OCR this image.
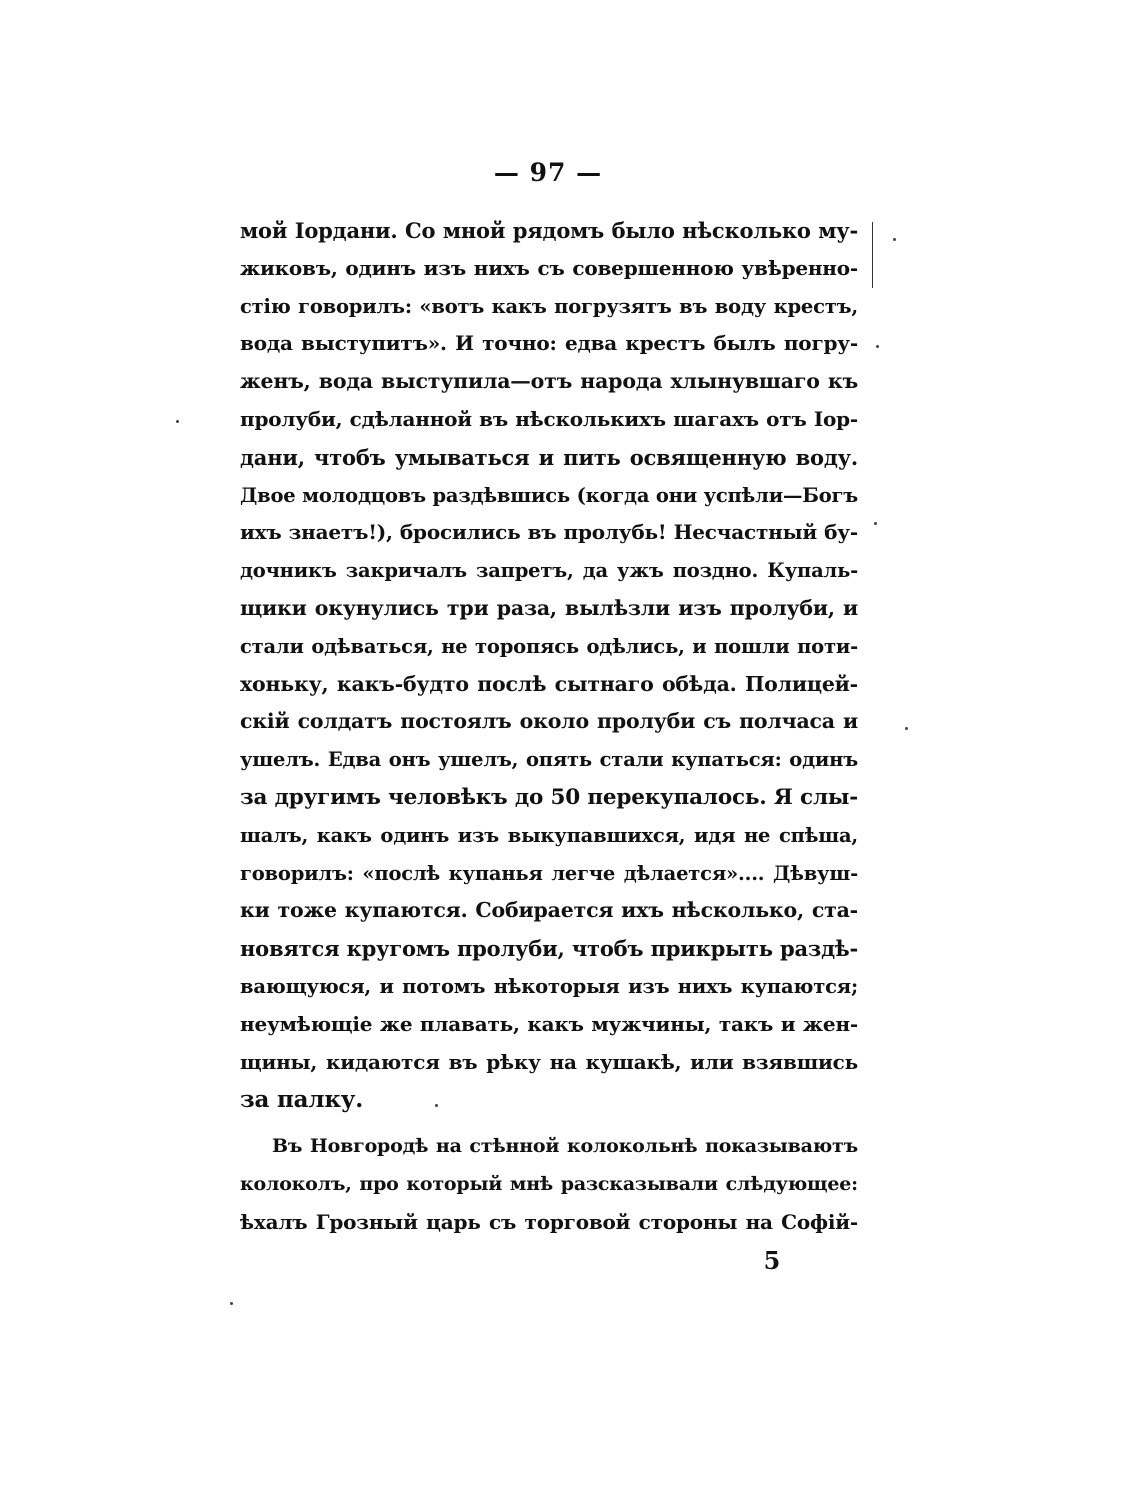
— 97 —
мой Іордани. Со мной рядомъ было нѣсколько му-
жиковъ, одинъ изъ нихъ съ совершенною увѣренно-
стію говорилъ: «вотъ какъ погрузятъ въ воду крестъ,
вода выступитъ». И точно: едва крестъ былъ погру-
женъ, вода выступила—отъ народа хлынувшаго къ
пролуби, сдѣланной въ нѣсколькихъ шагахъ отъ Іор-
дани, чтобъ умываться и пить освященную воду.
Двое молодцовъ раздѣвшись (когда они успѣли—Богъ
ихъ знаетъ!), бросились въ пролубь! Несчастный бу-
дочникъ закричалъ запретъ, да ужъ поздно. Купаль-
щики окунулись три раза, вылѣзли изъ пролуби, и
стали одѣваться, не торопясь одѣлись, и пошли поти-
хоньку, какъ-будто послѣ сытнаго обѣда. Полицей-
скій солдатъ постоялъ около пролуби съ полчаса и
ушелъ. Едва онъ ушелъ, опять стали купаться: одинъ
за другимъ человѣкъ до 50 перекупалось. Я слы-
шалъ, какъ одинъ изъ выкупавшихся, идя не спѣша,
говорилъ: «послѣ купанья легче дѣлается».... Дѣвуш-
ки тоже купаются. Собирается ихъ нѣсколько, ста-
новятся кругомъ пролуби, чтобъ прикрыть раздѣ-
вающуюся, и потомъ нѣкоторыя изъ нихъ купаются;
неумѣющіе же плавать, какъ мужчины, такъ и жен-
щины, кидаются въ рѣку на кушакѣ, или взявшись
за палку.
Въ Новгородѣ на стѣнной колокольнѣ показываютъ
колоколъ, про который мнѣ разсказывали слѣдующее:
ѣхалъ Грозный царь съ торговой стороны на Софій-
5
